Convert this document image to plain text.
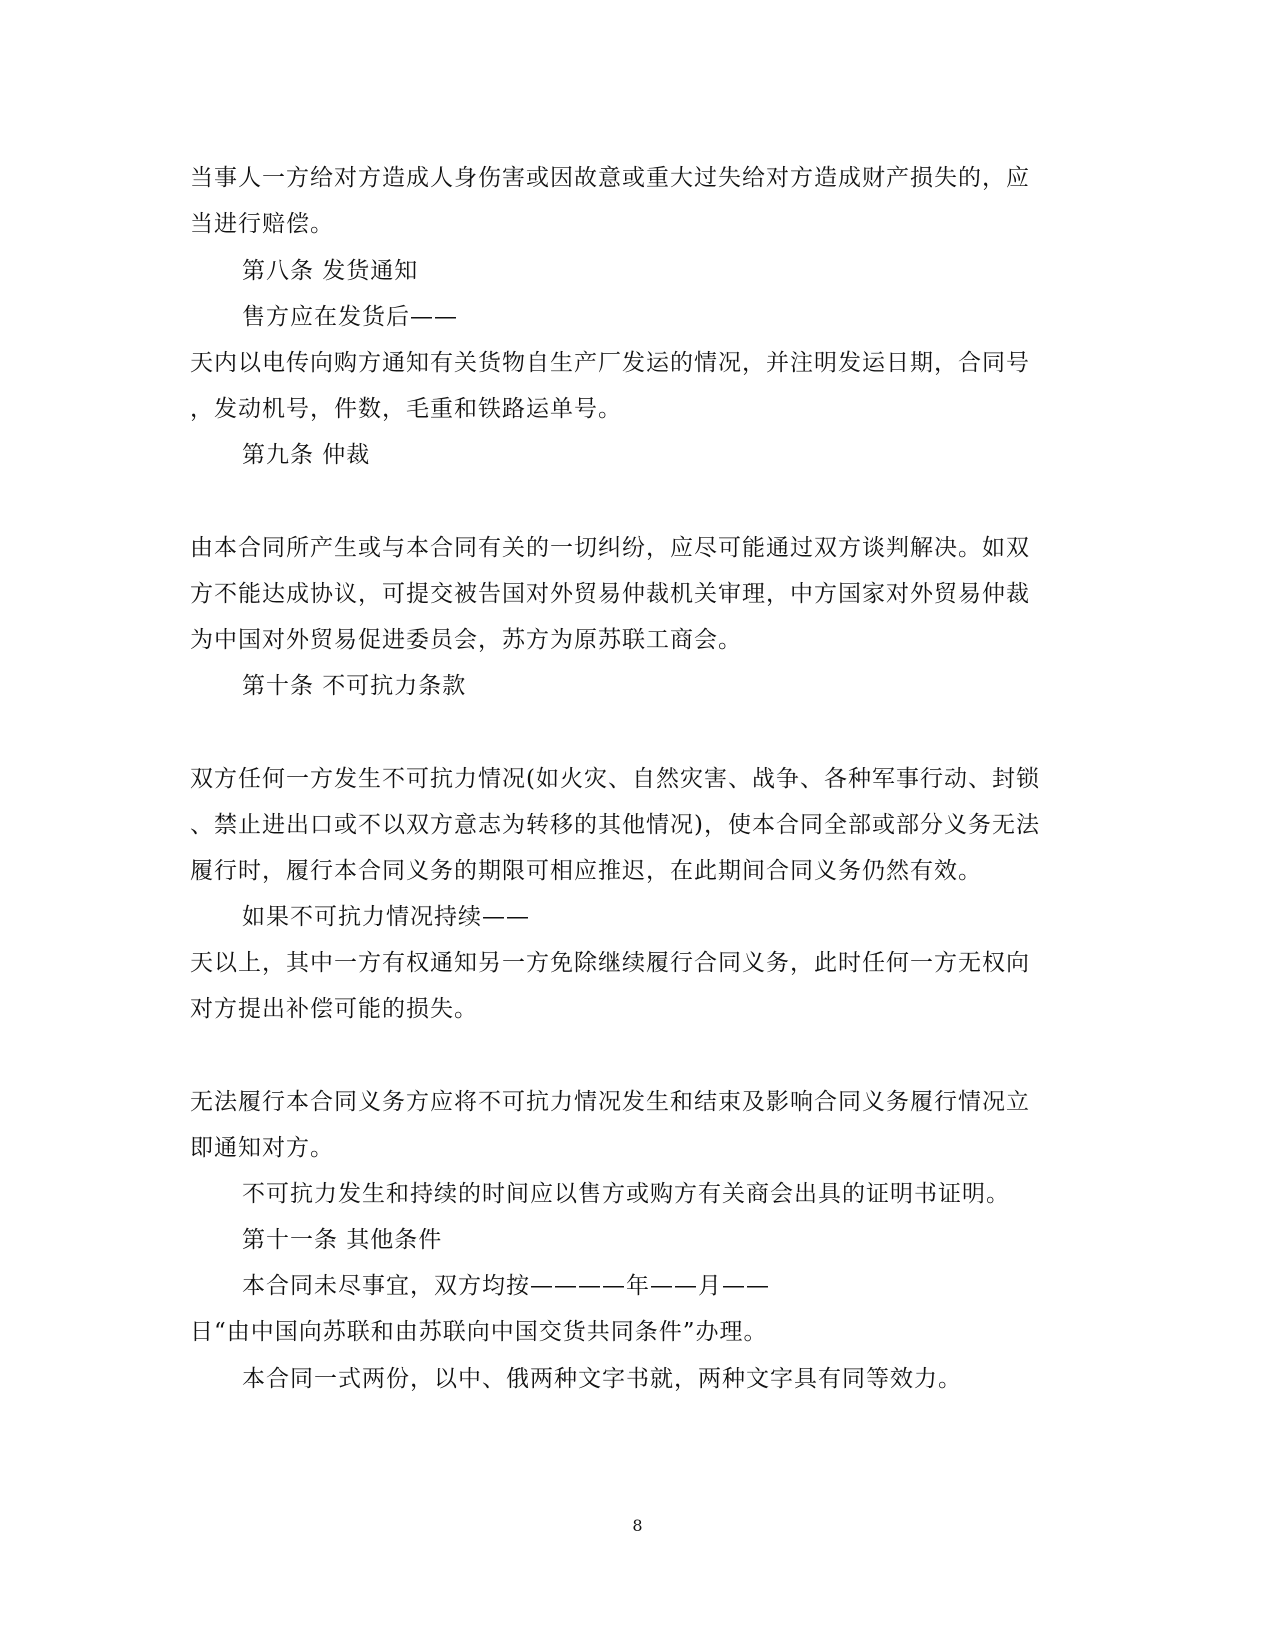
当事人一方给对方造成人身伤害或因故意或重大过失给对方造成财产损失的，应
当进行赔偿。
第八条 发货通知
售方应在发货后——
天内以电传向购方通知有关货物自生产厂发运的情况，并注明发运日期，合同号
，发动机号，件数，毛重和铁路运单号。
第九条 仲裁
由本合同所产生或与本合同有关的一切纠纷，应尽可能通过双方谈判解决。如双
方不能达成协议，可提交被告国对外贸易仲裁机关审理，中方国家对外贸易仲裁
为中国对外贸易促进委员会，苏方为原苏联工商会。
第十条 不可抗力条款
双方任何一方发生不可抗力情况(如火灾、自然灾害、战争、各种军事行动、封锁
、禁止进出口或不以双方意志为转移的其他情况)，使本合同全部或部分义务无法
履行时，履行本合同义务的期限可相应推迟，在此期间合同义务仍然有效。
如果不可抗力情况持续——
天以上，其中一方有权通知另一方免除继续履行合同义务，此时任何一方无权向
对方提出补偿可能的损失。
无法履行本合同义务方应将不可抗力情况发生和结束及影响合同义务履行情况立
即通知对方。
不可抗力发生和持续的时间应以售方或购方有关商会出具的证明书证明。
第十一条 其他条件
本合同未尽事宜，双方均按————年——月——
日“由中国向苏联和由苏联向中国交货共同条件”办理。
本合同一式两份，以中、俄两种文字书就，两种文字具有同等效力。
8
